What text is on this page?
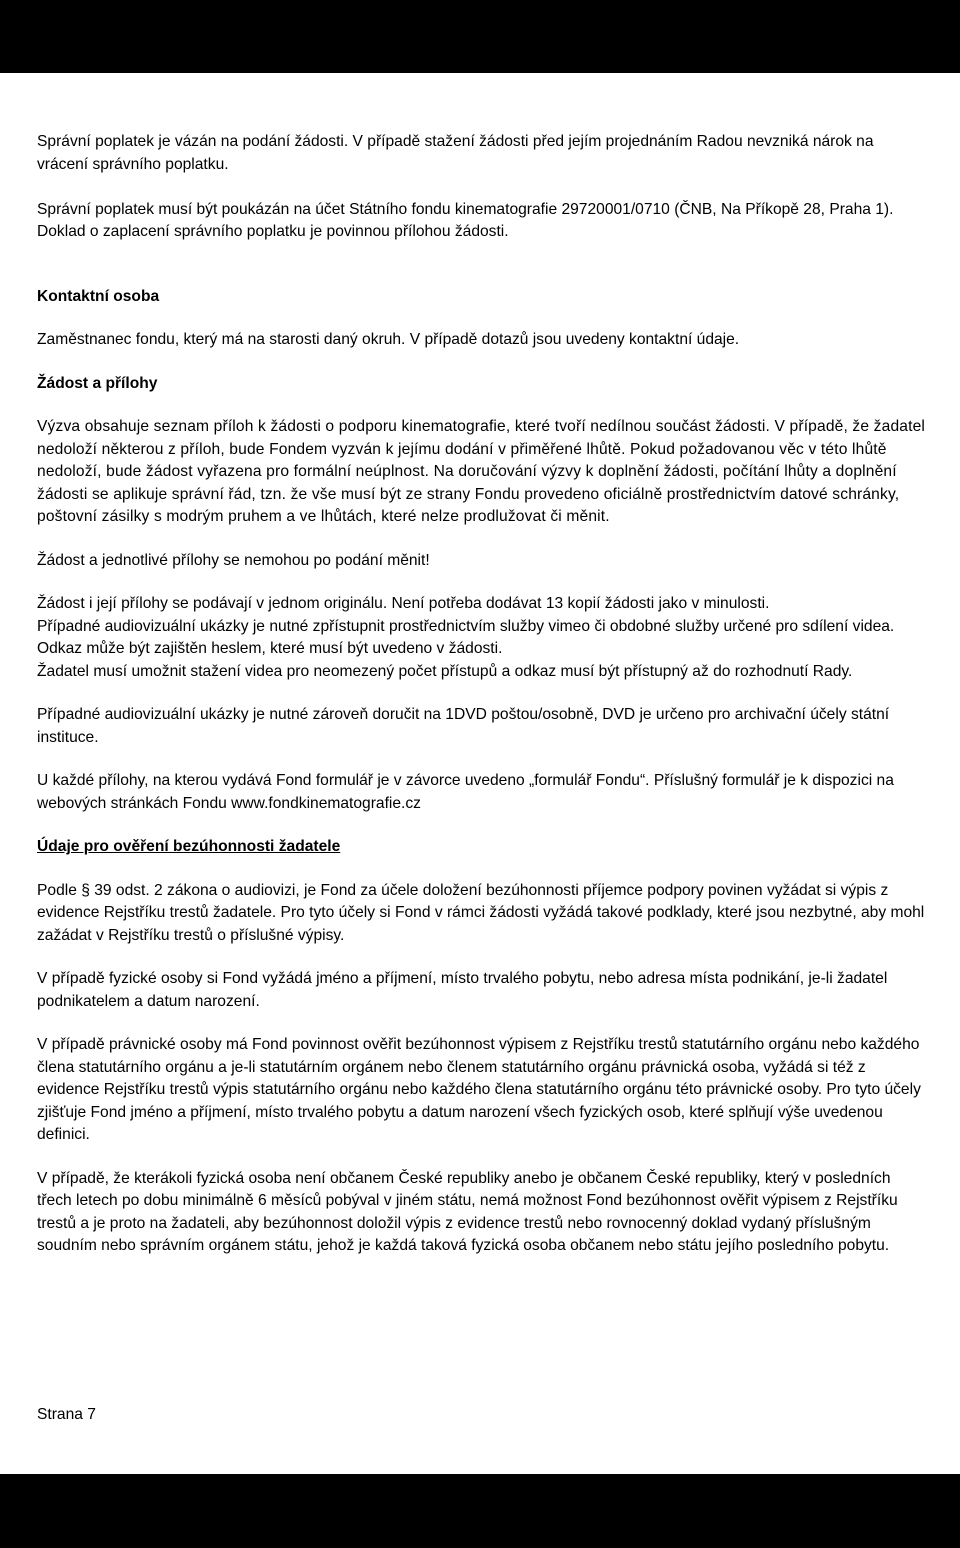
Správní poplatek je vázán na podání žádosti. V případě stažení žádosti před jejím projednáním Radou nevzniká nárok na vrácení správního poplatku.

Správní poplatek musí být poukázán na účet Státního fondu kinematografie 29720001/0710 (ČNB, Na Příkopě 28, Praha 1). Doklad o zaplacení správního poplatku je povinnou přílohou žádosti.

Kontaktní osoba

Zaměstnanec fondu, který má na starosti daný okruh. V případě dotazů jsou uvedeny kontaktní údaje.

Žádost a přílohy

Výzva obsahuje seznam příloh k žádosti o podporu kinematografie, které tvoří nedílnou součást žádosti. V případě, že žadatel nedoloží některou z příloh, bude Fondem vyzván k jejímu dodání v přiměřené lhůtě. Pokud požadovanou věc v této lhůtě nedoloží, bude žádost vyřazena pro formální neúplnost. Na doručování výzvy k doplnění žádosti, počítání lhůty a doplnění žádosti se aplikuje správní řád, tzn. že vše musí být ze strany Fondu provedeno oficiálně prostřednictvím datové schránky, poštovní zásilky s modrým pruhem a ve lhůtách, které nelze prodlužovat či měnit.

Žádost a jednotlivé přílohy se nemohou po podání měnit!

Žádost i její přílohy se podávají v jednom originálu. Není potřeba dodávat 13 kopií žádosti jako v minulosti.

Případné audiovizuální ukázky je nutné zpřístupnit prostřednictvím služby vimeo či obdobné služby určené pro sdílení videa.

Odkaz může být zajištěn heslem, které musí být uvedeno v žádosti.

Žadatel musí umožnit stažení videa pro neomezený počet přístupů a odkaz musí být přístupný až do rozhodnutí Rady.

Případné audiovizuální ukázky je nutné zároveň doručit na 1DVD poštou/osobně, DVD je určeno pro archivační účely státní instituce.

U každé přílohy, na kterou vydává Fond formulář je v závorce uvedeno „formulář Fondu“. Příslušný formulář je k dispozici na webových stránkách Fondu www.fondkinematografie.cz

Údaje pro ověření bezúhonnosti žadatele

Podle § 39 odst. 2 zákona o audiovizi, je Fond za účele doložení bezúhonnosti příjemce podpory povinen vyžádat si výpis z evidence Rejstříku trestů žadatele. Pro tyto účely si Fond v rámci žádosti vyžádá takové podklady, které jsou nezbytné, aby mohl zažádat v Rejstříku trestů o příslušné výpisy.

V případě fyzické osoby si Fond vyžádá jméno a příjmení, místo trvalého pobytu, nebo adresa místa podnikání, je-li žadatel podnikatelem a datum narození.

V případě právnické osoby má Fond povinnost ověřit bezúhonnost výpisem z Rejstříku trestů statutárního orgánu nebo každého člena statutárního orgánu a je-li statutárním orgánem nebo členem statutárního orgánu právnická osoba, vyžádá si též z evidence Rejstříku trestů výpis statutárního orgánu nebo každého člena statutárního orgánu této právnické osoby. Pro tyto účely zjišťuje Fond jméno a příjmení, místo trvalého pobytu a datum narození všech fyzických osob, které splňují výše uvedenou definici.

V případě, že kterákoli fyzická osoba není občanem České republiky anebo je občanem České republiky, který v posledních třech letech po dobu minimálně 6 měsíců pobýval v jiném státu, nemá možnost Fond bezúhonnost ověřit výpisem z Rejstříku trestů a je proto na žadateli, aby bezúhonnost doložil výpis z evidence trestů nebo rovnocenný doklad vydaný příslušným soudním nebo správním orgánem státu, jehož je každá taková fyzická osoba občanem nebo státu jejího posledního pobytu.

Strana 7
